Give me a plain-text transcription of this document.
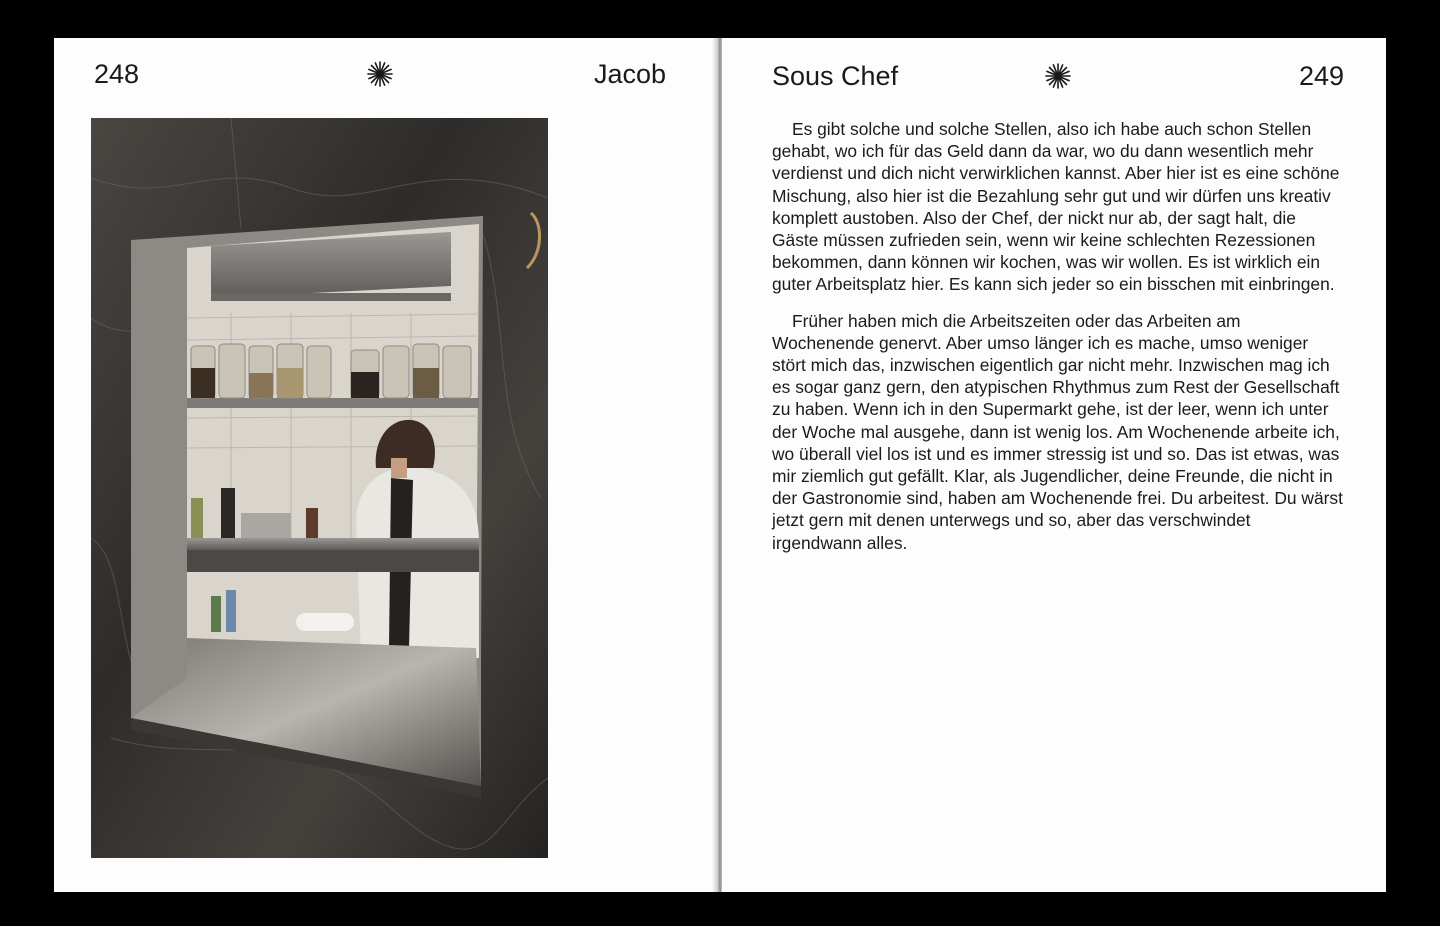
248	Jacob	Sous Chef	249

Es gibt solche und solche Stellen, also ich habe auch schon Stellen gehabt, wo ich für das Geld dann da war, wo du dann wesentlich mehr verdienst und dich nicht verwirklichen kannst. Aber hier ist es eine schöne Mischung, also hier ist die Bezahlung sehr gut und wir dürfen uns kreativ komplett austoben. Also der Chef, der nickt nur ab, der sagt halt, die Gäste müssen zufrieden sein, wenn wir keine schlechten Rezessionen bekommen, dann können wir kochen, was wir wollen. Es ist wirklich ein guter Arbeitsplatz hier. Es kann sich jeder so ein bisschen mit einbringen.

Früher haben mich die Arbeitszeiten oder das Arbeiten am Wochenende genervt. Aber umso länger ich es mache, umso weniger stört mich das, inzwischen eigentlich gar nicht mehr. Inzwischen mag ich es sogar ganz gern, den atypischen Rhythmus zum Rest der Gesellschaft zu haben. Wenn ich in den Supermarkt gehe, ist der leer, wenn ich unter der Woche mal ausgehe, dann ist wenig los. Am Wochenende arbeite ich, wo überall viel los ist und es immer stressig ist und so. Das ist etwas, was mir ziemlich gut gefällt. Klar, als Jugendlicher, deine Freunde, die nicht in der Gastronomie sind, haben am Wochenende frei. Du arbeitest. Du wärst jetzt gern mit denen unterwegs und so, aber das verschwindet irgendwann alles.
